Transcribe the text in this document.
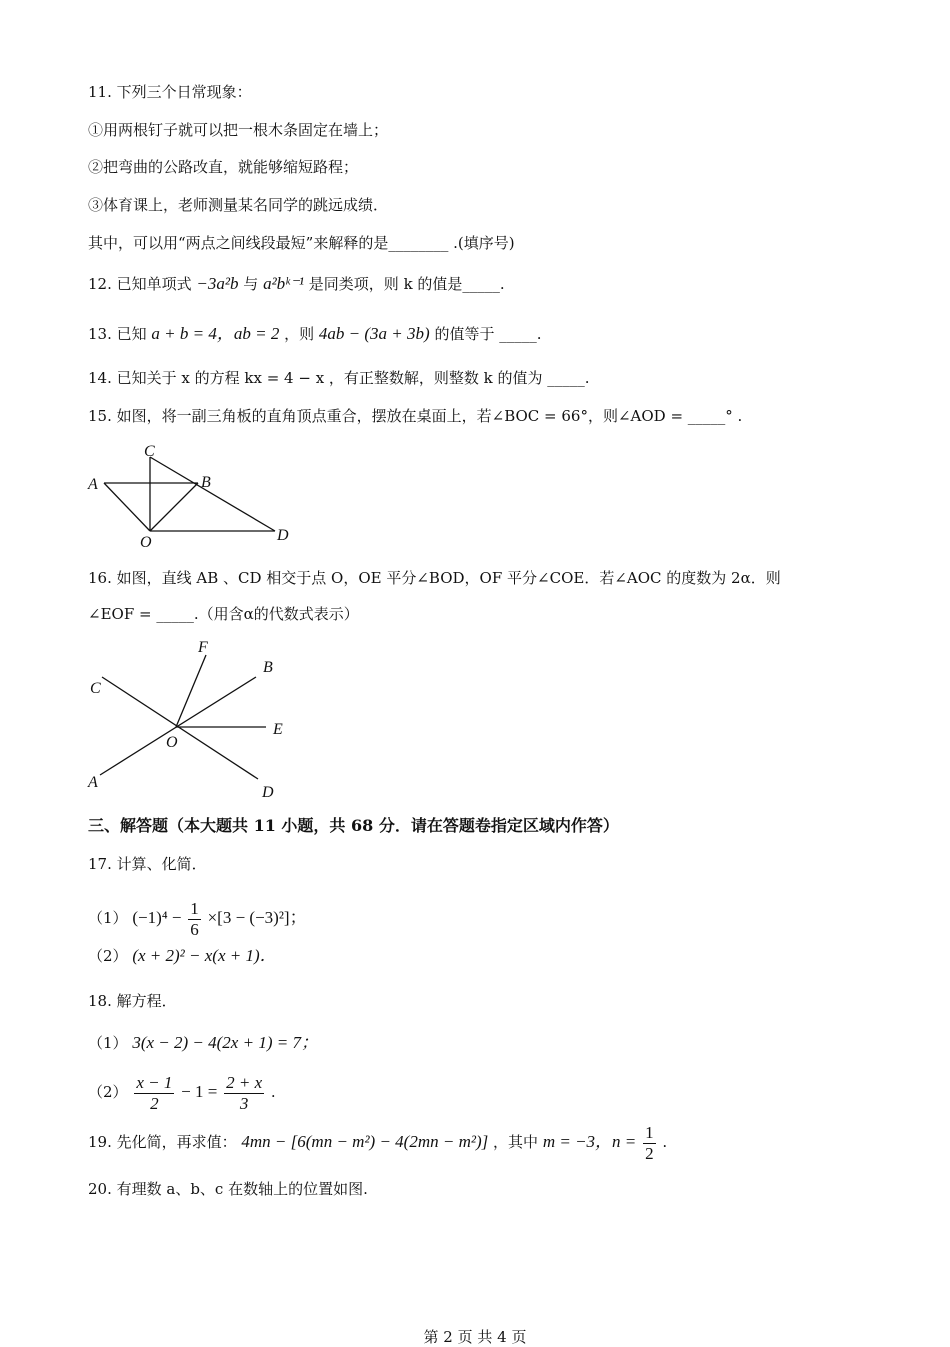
11. 下列三个日常现象：
①用两根钉子就可以把一根木条固定在墙上；
②把弯曲的公路改直，就能够缩短路程；
③体育课上，老师测量某名同学的跳远成绩．
其中，可以用“两点之间线段最短”来解释的是________ .(填序号)
12. 已知单项式 −3a²b 与 a²bᵏ⁻¹ 是同类项，则 k 的值是_____.
13. 已知 a + b = 4，ab = 2 ，则 4ab − (3a + 3b) 的值等于 _____.
14. 已知关于 x 的方程 kx = 4 − x ，有正整数解，则整数 k 的值为 _____.
15. 如图，将一副三角板的直角顶点重合，摆放在桌面上，若∠BOC = 66°，则∠AOD = _____° .
C
A	B
O	D
16. 如图，直线 AB 、CD 相交于点 O，OE 平分∠BOD，OF 平分∠COE．若∠AOC 的度数为 2α．则
∠EOF = _____.（用含α的代数式表示）
F
B
C
E
O
A
D
三、解答题（本大题共 11 小题，共 68 分．请在答题卷指定区域内作答）
17. 计算、化简．
（1） $(-1)^4 - \frac{1}{6} \times[3 - (-3)^2]$；
（2） (x + 2)² − x(x + 1)．
18. 解方程．
（1） 3(x − 2) − 4(2x + 1) = 7；
$(2) \frac{x - 1}{2} - 1 = \frac{2 + x}{3}$ .
19. 先化简，再求值： 4mn − [6(mn − m²) − 4(2mn − m²)] ，其中 m = −3，$n = \frac{1}{2}$ .
20. 有理数 a、b、c 在数轴上的位置如图.
第 2 页 共 4 页
